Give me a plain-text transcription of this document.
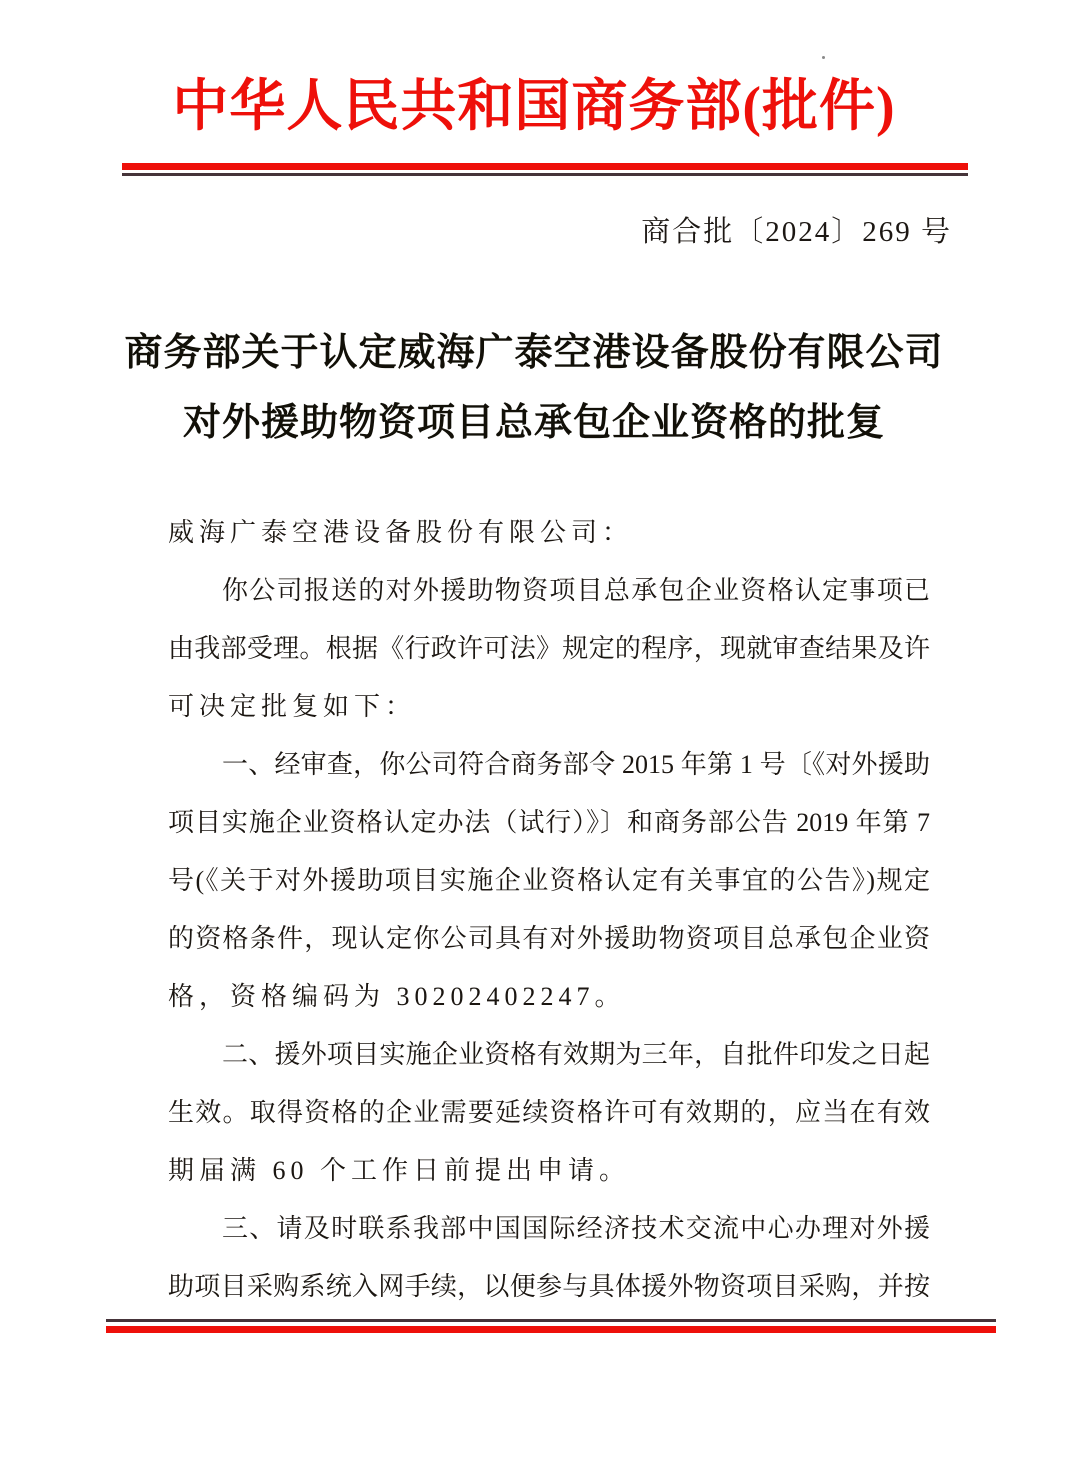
中华人民共和国商务部(批件)
商合批〔2024〕269 号
商务部关于认定威海广泰空港设备股份有限公司
对外援助物资项目总承包企业资格的批复
威海广泰空港设备股份有限公司：
你公司报送的对外援助物资项目总承包企业资格认定事项已
由我部受理。根据《行政许可法》规定的程序，现就审查结果及许
可决定批复如下：
一、经审查，你公司符合商务部令 2015 年第 1 号〔《对外援助
项目实施企业资格认定办法（试行）》〕和商务部公告 2019 年第 7
号(《关于对外援助项目实施企业资格认定有关事宜的公告》)规定
的资格条件，现认定你公司具有对外援助物资项目总承包企业资
格，资格编码为 30202402247。
二、援外项目实施企业资格有效期为三年，自批件印发之日起
生效。取得资格的企业需要延续资格许可有效期的，应当在有效
期届满 60 个工作日前提出申请。
三、请及时联系我部中国国际经济技术交流中心办理对外援
助项目采购系统入网手续，以便参与具体援外物资项目采购，并按
